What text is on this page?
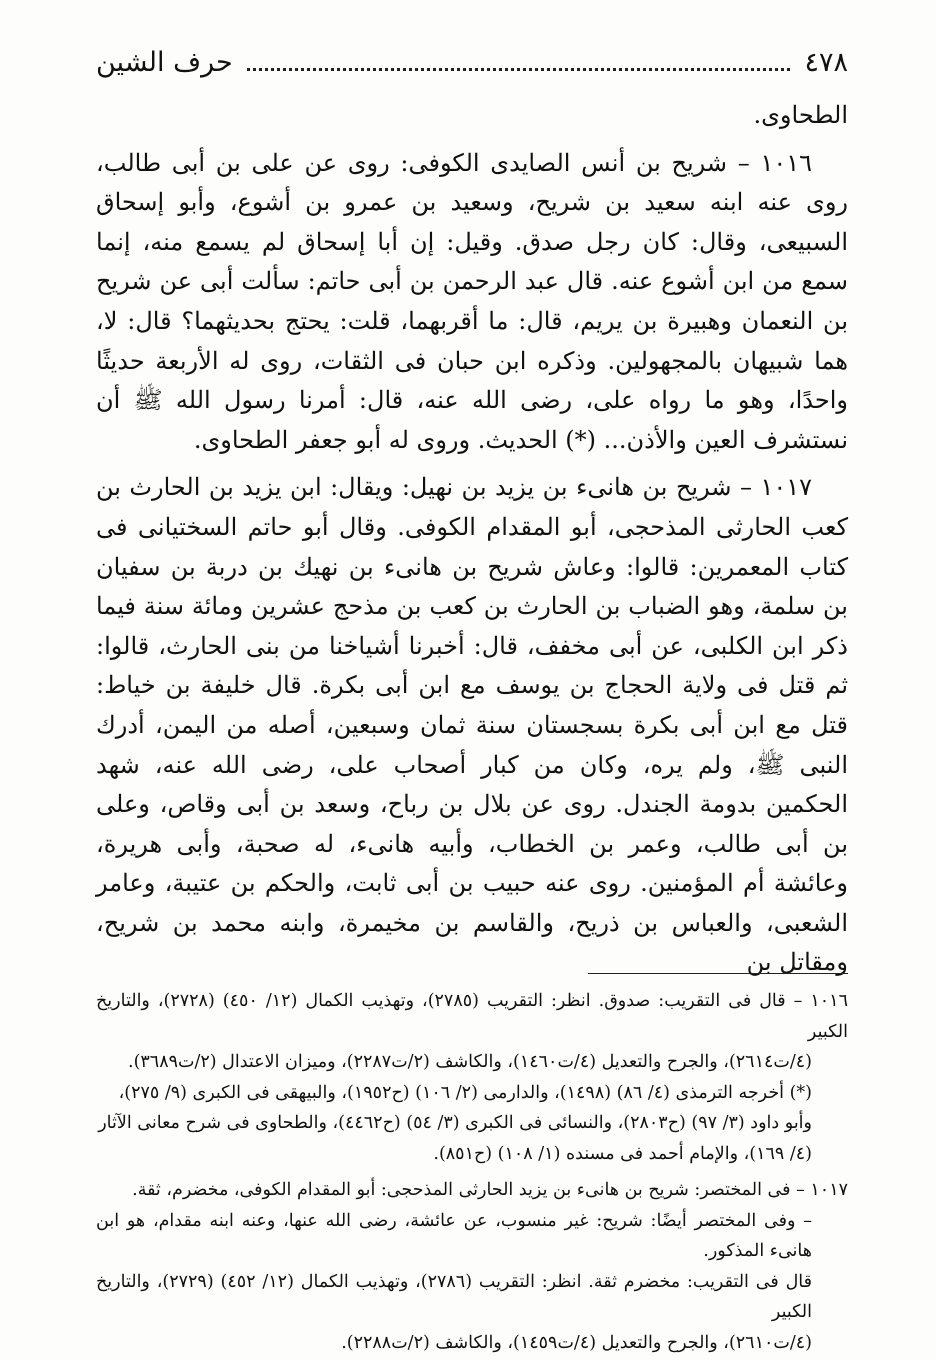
٤٧٨
حرف الشين

الطحاوى.

١٠١٦ – شريح بن أنس الصايدى الكوفى: روى عن على بن أبى طالب، روى عنه ابنه سعيد بن شريح، وسعيد بن عمرو بن أشوع، وأبو إسحاق السبيعى، وقال: كان رجل صدق. وقيل: إن أبا إسحاق لم يسمع منه، إنما سمع من ابن أشوع عنه. قال عبد الرحمن بن أبى حاتم: سألت أبى عن شريح بن النعمان وهبيرة بن يريم، قال: ما أقربهما، قلت: يحتج بحديثهما؟ قال: لا، هما شبيهان بالمجهولين. وذكره ابن حبان فى الثقات، روى له الأربعة حديثًا واحدًا، وهو ما رواه على، رضى الله عنه، قال: أمرنا رسول الله ﷺ أن نستشرف العين والأذن... (*) الحديث. وروى له أبو جعفر الطحاوى.

١٠١٧ – شريح بن هانىء بن يزيد بن نهيل: ويقال: ابن يزيد بن الحارث بن كعب الحارثى المذحجى، أبو المقدام الكوفى. وقال أبو حاتم السختيانى فى كتاب المعمرين: قالوا: وعاش شريح بن هانىء بن نهيك بن دربة بن سفيان بن سلمة، وهو الضباب بن الحارث بن كعب بن مذحج عشرين ومائة سنة فيما ذكر ابن الكلبى، عن أبى مخفف، قال: أخبرنا أشياخنا من بنى الحارث، قالوا: ثم قتل فى ولاية الحجاج بن يوسف مع ابن أبى بكرة. قال خليفة بن خياط: قتل مع ابن أبى بكرة بسجستان سنة ثمان وسبعين، أصله من اليمن، أدرك النبى ﷺ، ولم يره، وكان من كبار أصحاب على، رضى الله عنه، شهد الحكمين بدومة الجندل. روى عن بلال بن رباح، وسعد بن أبى وقاص، وعلى بن أبى طالب، وعمر بن الخطاب، وأبيه هانىء، له صحبة، وأبى هريرة، وعائشة أم المؤمنين. روى عنه حبيب بن أبى ثابت، والحكم بن عتيبة، وعامر الشعبى، والعباس بن ذريح، والقاسم بن مخيمرة، وابنه محمد بن شريح، ومقاتل بن

١٠١٦ – قال فى التقريب: صدوق. انظر: التقريب (٢٧٨٥)، وتهذيب الكمال (١٢/ ٤٥٠) (٢٧٢٨)، والتاريخ الكبير
(٤/ت٢٦١٤)، والجرح والتعديل (٤/ت١٤٦٠)، والكاشف (٢/ت٢٢٨٧)، وميزان الاعتدال (٢/ت٣٦٨٩).
(*) أخرجه الترمذى (٤/ ٨٦) (١٤٩٨)، والدارمى (٢/ ١٠٦) (ح١٩٥٢)، والبيهقى فى الكبرى (٩/ ٢٧٥)،
وأبو داود (٣/ ٩٧) (ح٢٨٠٣)، والنسائى فى الكبرى (٣/ ٥٤) (ح٤٤٦٢)، والطحاوى فى شرح معانى الآثار
(٤/ ١٦٩)، والإمام أحمد فى مسنده (١/ ١٠٨) (ح٨٥١).
١٠١٧ – فى المختصر: شريح بن هانىء بن يزيد الحارثى المذحجى: أبو المقدام الكوفى، مخضرم، ثقة.
– وفى المختصر أيضًا: شريح: غير منسوب، عن عائشة، رضى الله عنها، وعنه ابنه مقدام، هو ابن هانىء المذكور.
قال فى التقريب: مخضرم ثقة. انظر: التقريب (٢٧٨٦)، وتهذيب الكمال (١٢/ ٤٥٢) (٢٧٢٩)، والتاريخ الكبير
(٤/ت٢٦١٠)، والجرح والتعديل (٤/ت١٤٥٩)، والكاشف (٢/ت٢٢٨٨).
